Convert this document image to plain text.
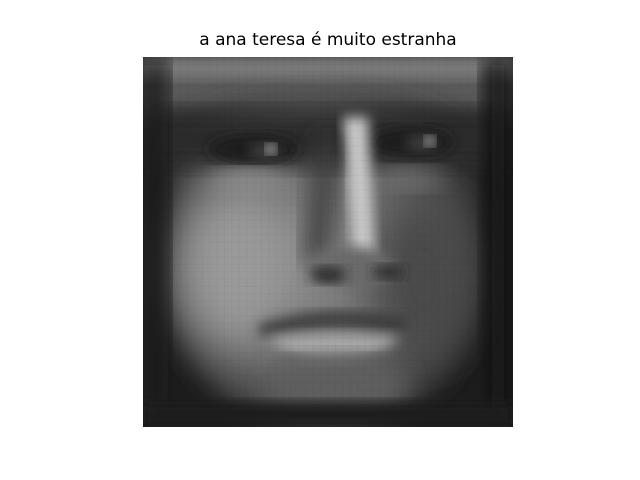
a ana teresa é muito estranha
